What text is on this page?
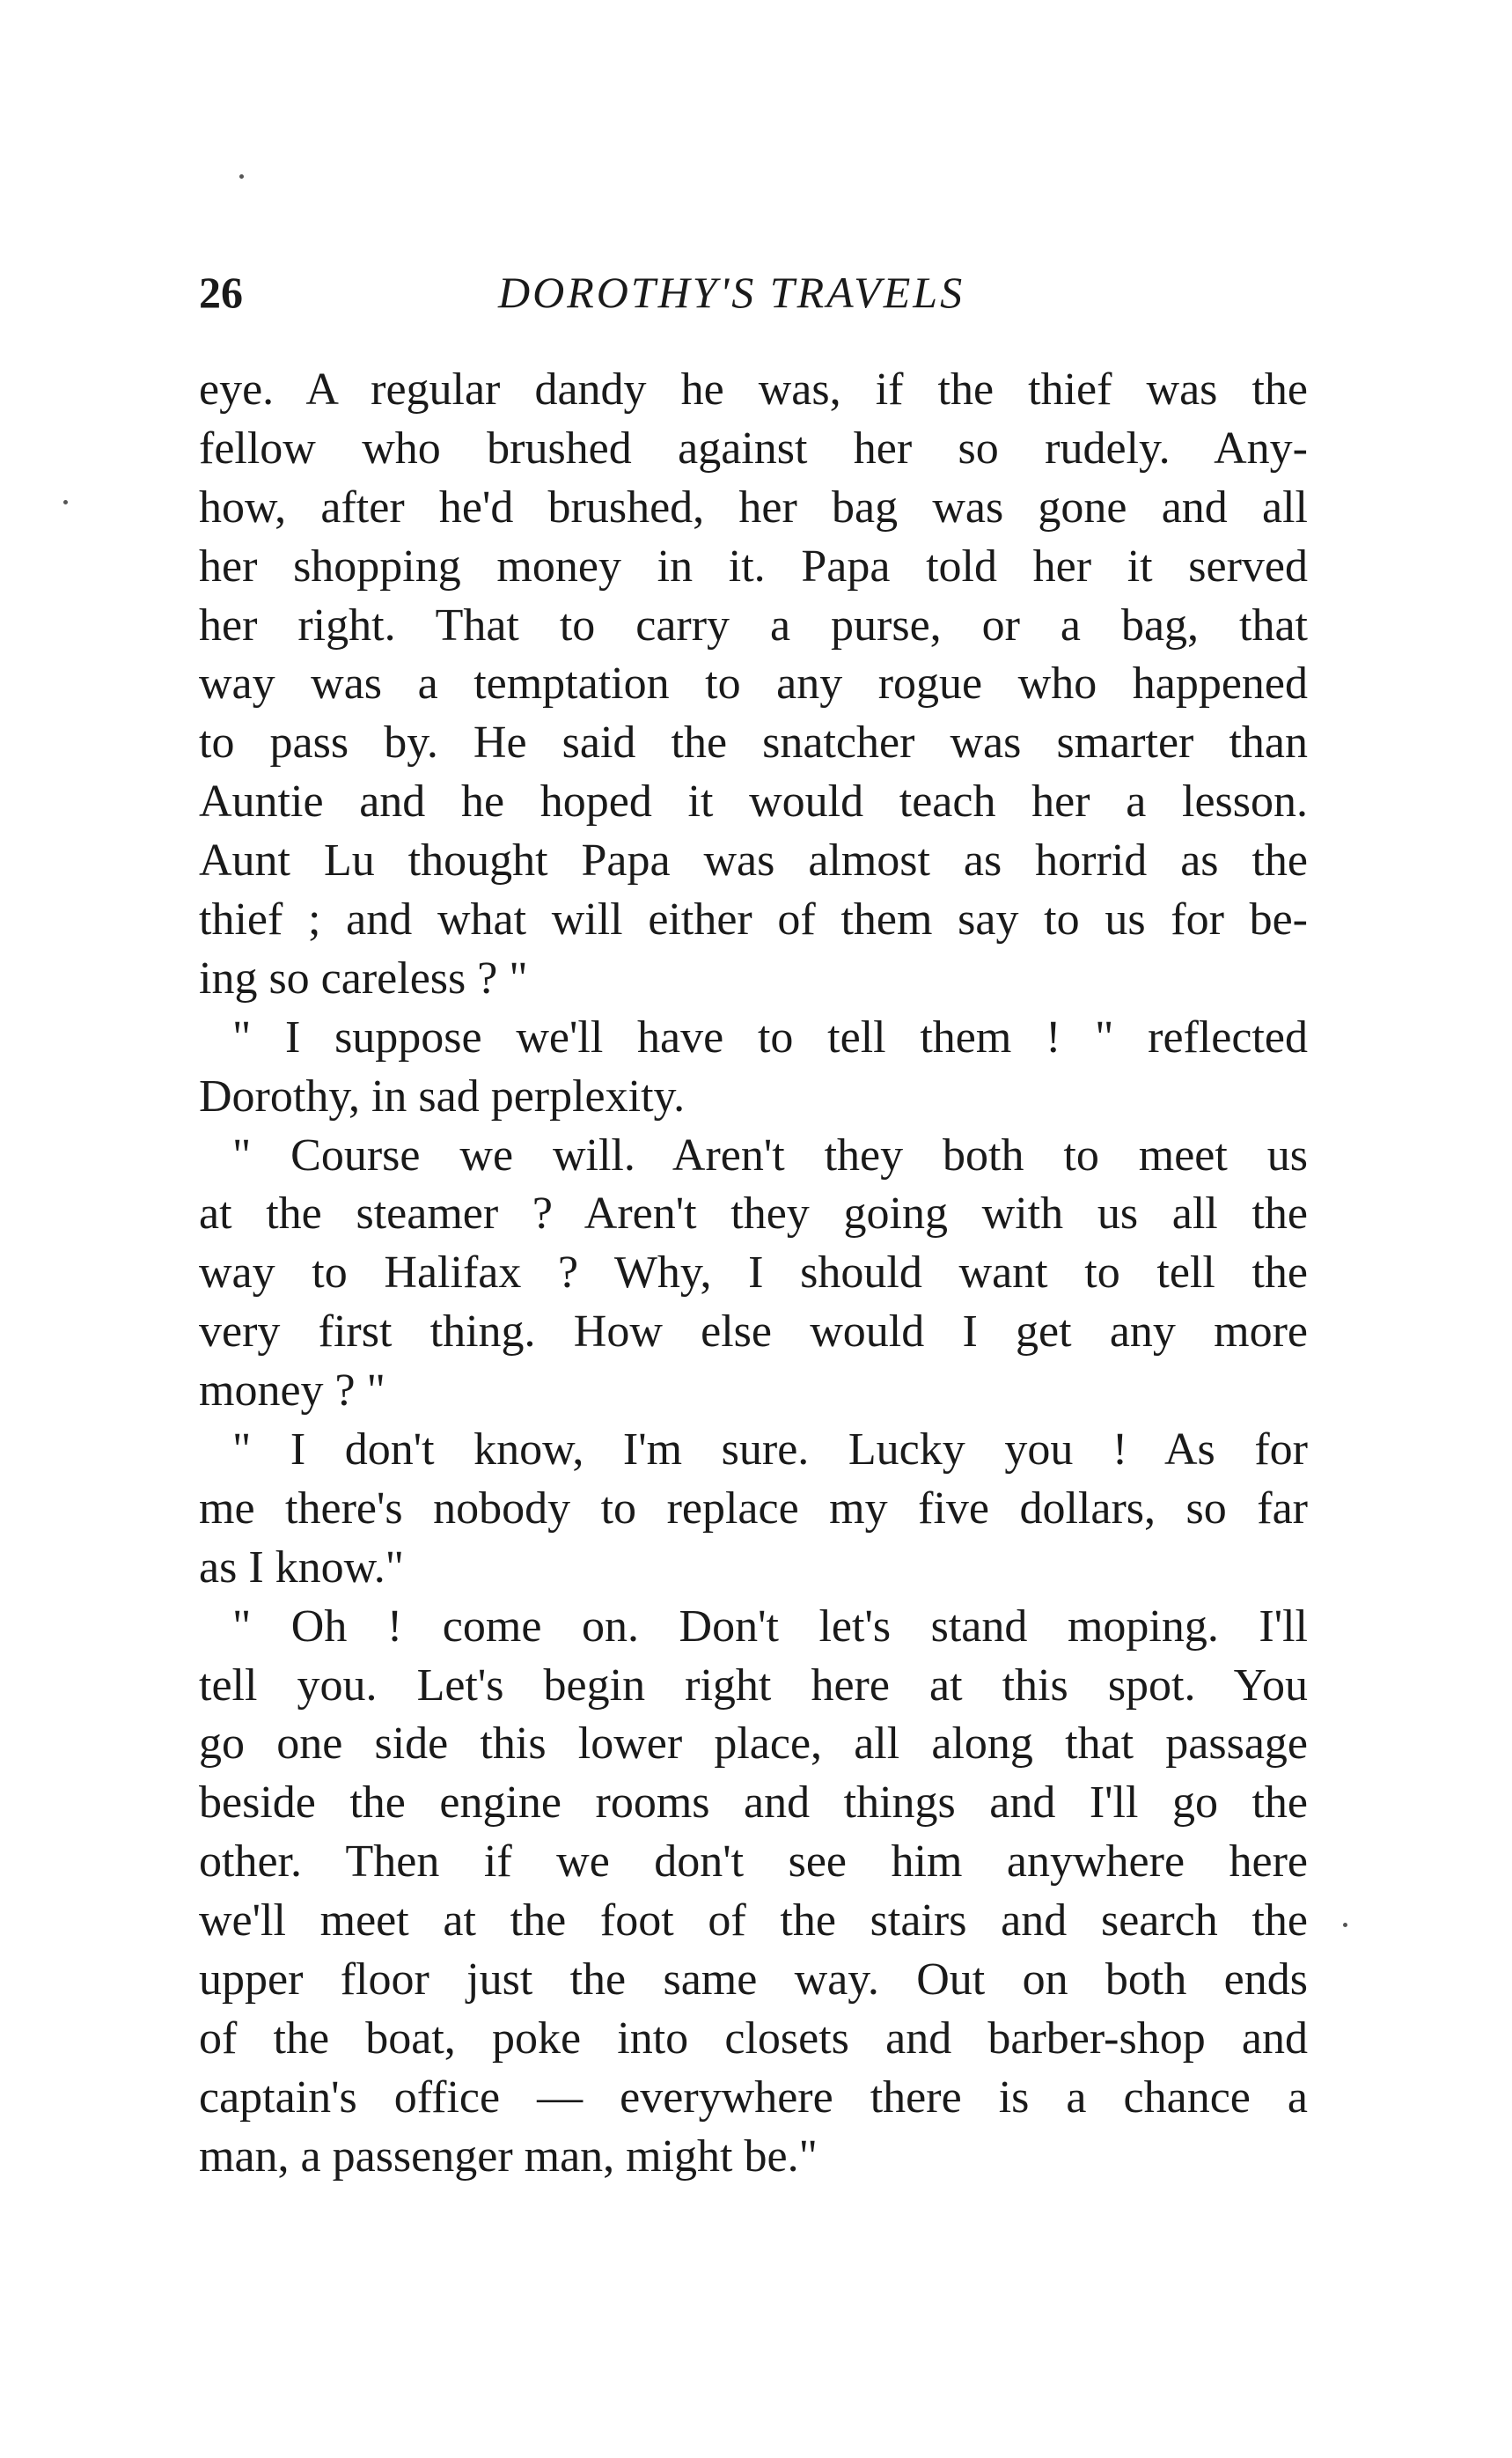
26	DOROTHY'S TRAVELS
eye. A regular dandy he was, if the thief was the
fellow who brushed against her so rudely. Any-
how, after he'd brushed, her bag was gone and all
her shopping money in it. Papa told her it served
her right. That to carry a purse, or a bag, that
way was a temptation to any rogue who happened
to pass by. He said the snatcher was smarter than
Auntie and he hoped it would teach her a lesson.
Aunt Lu thought Papa was almost as horrid as the
thief ; and what will either of them say to us for be-
ing so careless ? "
" I suppose we'll have to tell them ! " reflected
Dorothy, in sad perplexity.
" Course we will. Aren't they both to meet us
at the steamer ? Aren't they going with us all the
way to Halifax ? Why, I should want to tell the
very first thing. How else would I get any more
money ? "
" I don't know, I'm sure. Lucky you ! As for
me there's nobody to replace my five dollars, so far
as I know."
" Oh ! come on. Don't let's stand moping. I'll
tell you. Let's begin right here at this spot. You
go one side this lower place, all along that passage
beside the engine rooms and things and I'll go the
other. Then if we don't see him anywhere here
we'll meet at the foot of the stairs and search the
upper floor just the same way. Out on both ends
of the boat, poke into closets and barber-shop and
captain's office — everywhere there is a chance a
man, a passenger man, might be."
